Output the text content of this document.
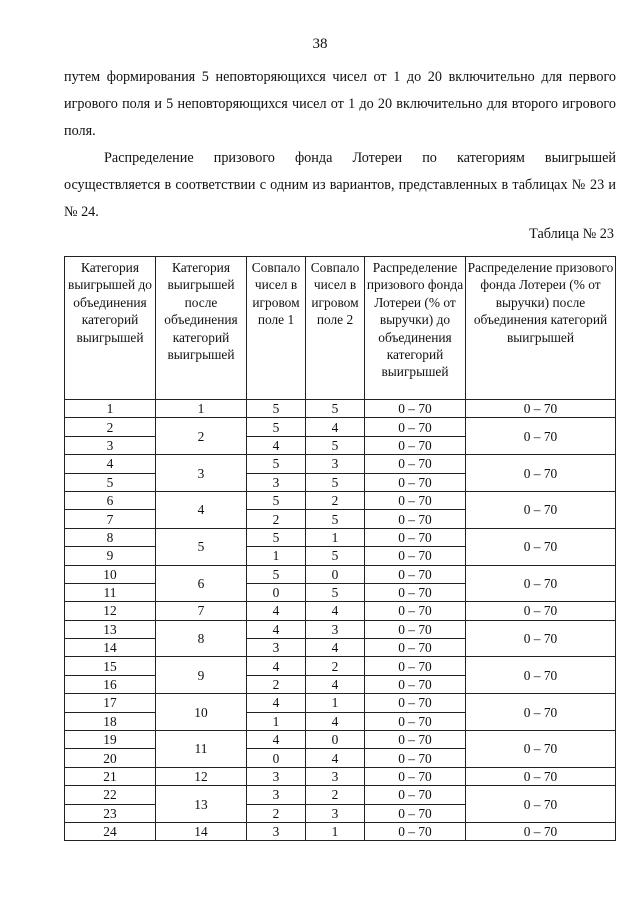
38

путем формирования 5 неповторяющихся чисел от 1 до 20 включительно для первого игрового поля и 5 неповторяющихся чисел от 1 до 20 включительно для второго игрового поля.

Распределение призового фонда Лотереи по категориям выигрышей осуществляется в соответствии с одним из вариантов, представленных в таблицах № 23 и № 24.

Таблица № 23
Категория выигрышей до объединения категорий выигрышей	Категория выигрышей после объединения категорий выигрышей	Совпало чисел в игровом поле 1	Совпало чисел в игровом поле 2	Распределение призового фонда Лотереи (% от выручки) до объединения категорий выигрышей	Распределение призового фонда Лотереи (% от выручки) после объединения категорий выигрышей
1	1	5	5	0 – 70	0 – 70
2	2	5	4	0 – 70	0 – 70
3		4	5	0 – 70	
4	3	5	3	0 – 70	0 – 70
5		3	5	0 – 70	
6	4	5	2	0 – 70	0 – 70
7		2	5	0 – 70	
8	5	5	1	0 – 70	0 – 70
9		1	5	0 – 70	
10	6	5	0	0 – 70	0 – 70
11		0	5	0 – 70	
12	7	4	4	0 – 70	0 – 70
13	8	4	3	0 – 70	0 – 70
14		3	4	0 – 70	
15	9	4	2	0 – 70	0 – 70
16		2	4	0 – 70	
17	10	4	1	0 – 70	0 – 70
18		1	4	0 – 70	
19	11	4	0	0 – 70	0 – 70
20		0	4	0 – 70	
21	12	3	3	0 – 70	0 – 70
22	13	3	2	0 – 70	0 – 70
23		2	3	0 – 70	
24	14	3	1	0 – 70	0 – 70
